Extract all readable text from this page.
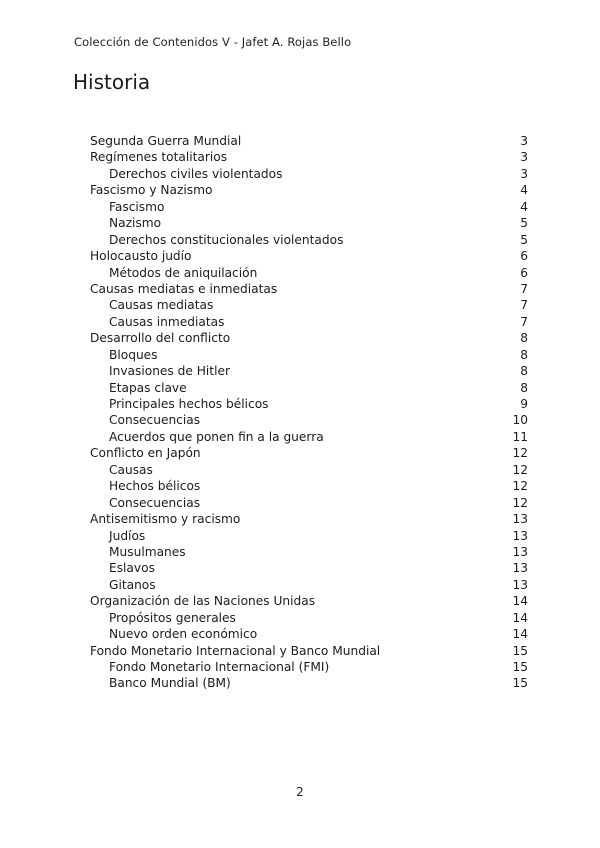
Colección de Contenidos V - Jafet A. Rojas Bello
Historia
Segunda Guerra Mundial	3
Regímenes totalitarios	3
Derechos civiles violentados	3
Fascismo y Nazismo	4
Fascismo	4
Nazismo	5
Derechos constitucionales violentados	5
Holocausto judío	6
Métodos de aniquilación	6
Causas mediatas e inmediatas	7
Causas mediatas	7
Causas inmediatas	7
Desarrollo del conflicto	8
Bloques	8
Invasiones de Hitler	8
Etapas clave	8
Principales hechos bélicos	9
Consecuencias	10
Acuerdos que ponen fin a la guerra	11
Conflicto en Japón	12
Causas	12
Hechos bélicos	12
Consecuencias	12
Antisemitismo y racismo	13
Judíos	13
Musulmanes	13
Eslavos	13
Gitanos	13
Organización de las Naciones Unidas	14
Propósitos generales	14
Nuevo orden económico	14
Fondo Monetario Internacional y Banco Mundial	15
Fondo Monetario Internacional (FMI)	15
Banco Mundial (BM)	15
2
